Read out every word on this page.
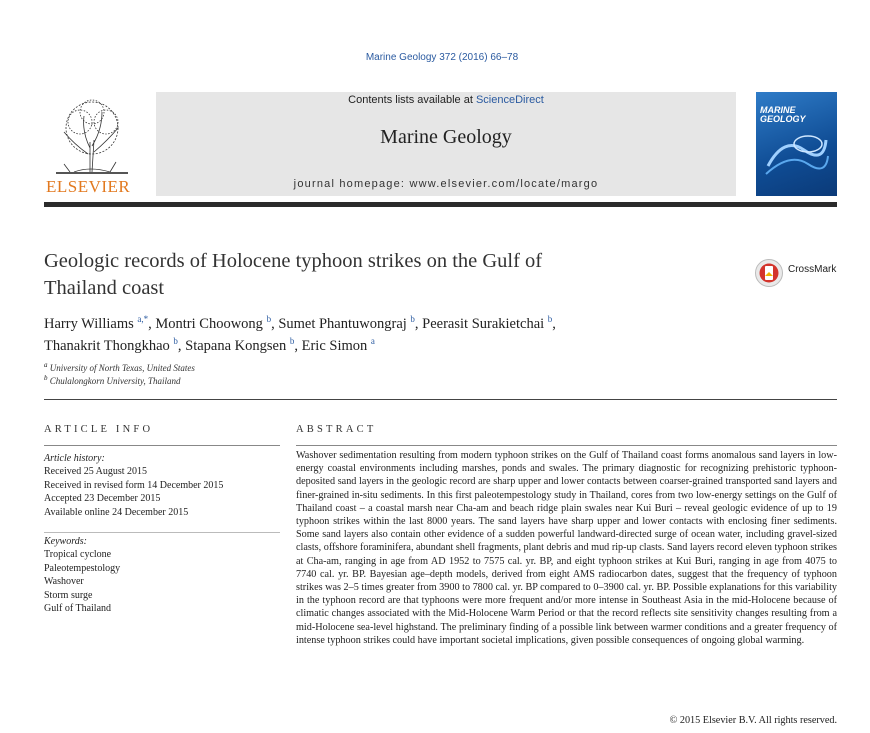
Marine Geology 372 (2016) 66–78
ELSEVIER
Contents lists available at ScienceDirect
Marine Geology
journal homepage: www.elsevier.com/locate/margo
MARINE
GEOLOGY
Geologic records of Holocene typhoon strikes on the Gulf of Thailand coast
CrossMark
Harry Williams $^{a,*}$, Montri Choowong $^b$, Sumet Phantuwongraj $^b$, Peerasit Surakietchai $^b$,
Thanakrit Thongkhao $^b$, Stapana Kongsen $^b$, Eric Simon $^a$
$^a$ University of North Texas, United States
$^b$ Chulalongkorn University, Thailand
ARTICLE INFO	ABSTRACT
Article history:
Received 25 August 2015
Received in revised form 14 December 2015
Accepted 23 December 2015
Available online 24 December 2015
Keywords:
Tropical cyclone
Paleotempestology
Washover
Storm surge
Gulf of Thailand

Washover sedimentation resulting from modern typhoon strikes on the Gulf of Thailand coast forms anomalous sand layers in low-energy coastal environments including marshes, ponds and swales. The primary diagnostic for recognizing prehistoric typhoon-deposited sand layers in the geologic record are sharp upper and lower contacts between coarser-grained transported sand layers and finer-grained in-situ sediments. In this first paleotempestology study in Thailand, cores from two low-energy settings on the Gulf of Thailand coast – a coastal marsh near Cha-am and beach ridge plain swales near Kui Buri – reveal geologic evidence of up to 19 typhoon strikes within the last 8000 years. The sand layers have sharp upper and lower contacts with enclosing finer sediments. Some sand layers also contain other evidence of a sudden powerful landward-directed surge of ocean water, including gravel-sized clasts, offshore foraminifera, abundant shell fragments, plant debris and mud rip-up clasts. Sand layers record eleven typhoon strikes at Cha-am, ranging in age from AD 1952 to 7575 cal. yr. BP, and eight typhoon strikes at Kui Buri, ranging in age from 4075 to 7740 cal. yr. BP. Bayesian age–depth models, derived from eight AMS radiocarbon dates, suggest that the frequency of typhoon strikes was 2–5 times greater from 3900 to 7800 cal. yr. BP compared to 0–3900 cal. yr. BP. Possible explanations for this variability in the typhoon record are that typhoons were more frequent and/or more intense in Southeast Asia in the mid-Holocene because of climatic changes associated with the Mid-Holocene Warm Period or that the record reflects site sensitivity changes resulting from a mid-Holocene sea-level highstand. The preliminary finding of a possible link between warmer conditions and a greater frequency of intense typhoon strikes could have important societal implications, given possible consequences of ongoing global warming.

© 2015 Elsevier B.V. All rights reserved.
